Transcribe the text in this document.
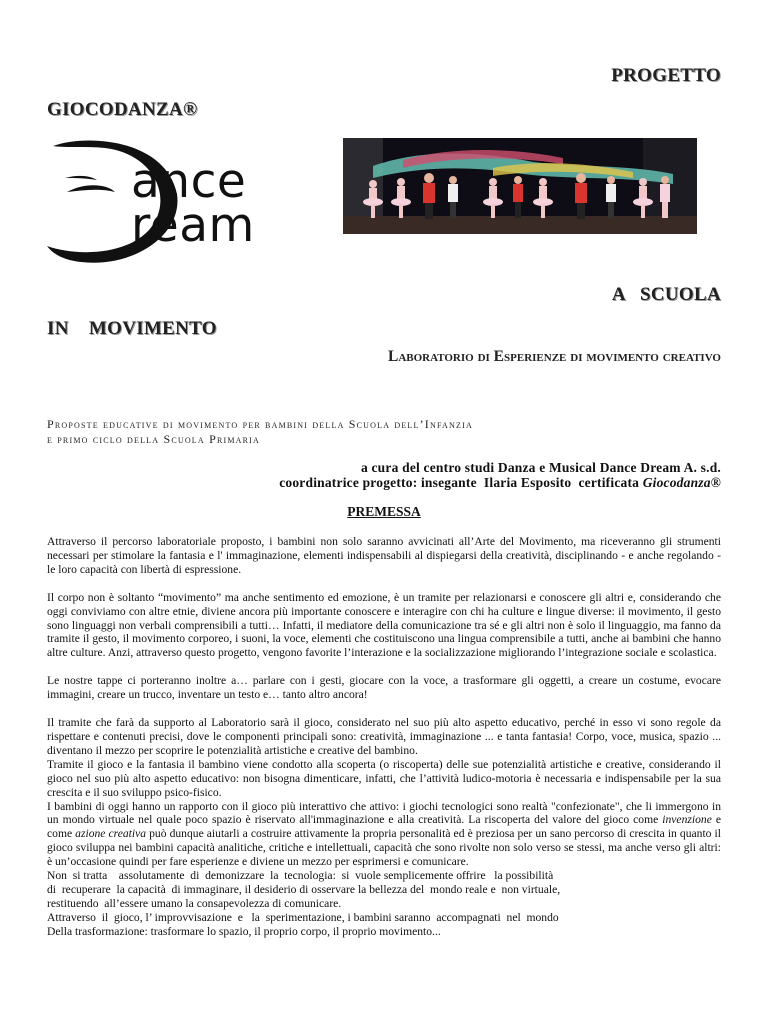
PROGETTO
GIOCODANZA®
ance
ream
A   SCUOLA
IN    MOVIMENTO
Laboratorio di Esperienze di movimento creativo
Proposte educative di movimento per bambini della Scuola dell’Infanzia
e primo ciclo della Scuola Primaria
a cura del centro studi Danza e Musical Dance Dream A. s.d.
coordinatrice progetto: insegante  Ilaria Esposito  certificata Giocodanza®
PREMESSA

Attraverso il percorso laboratoriale proposto, i bambini non solo saranno avvicinati all’Arte del Movimento, ma riceveranno gli strumenti necessari per stimolare la fantasia e l' immaginazione, elementi indispensabili al dispiegarsi della creatività, disciplinando - e anche regolando - le loro capacità con libertà di espressione.

Il corpo non è soltanto “movimento” ma anche sentimento ed emozione, è un tramite per relazionarsi e conoscere gli altri e, considerando che oggi conviviamo con altre etnie, diviene ancora più importante conoscere e interagire con chi ha culture e lingue diverse: il movimento, il gesto sono linguaggi non verbali comprensibili a tutti… Infatti, il mediatore della comunicazione tra sé e gli altri non è solo il linguaggio, ma fanno da tramite il gesto, il movimento corporeo, i suoni, la voce, elementi che costituiscono una lingua comprensibile a tutti, anche ai bambini che hanno altre culture. Anzi, attraverso questo progetto, vengono favorite l’interazione e la socializzazione migliorando l’integrazione sociale e scolastica.

Le nostre tappe ci porteranno inoltre a… parlare con i gesti, giocare con la voce, a trasformare gli oggetti, a creare un costume, evocare immagini, creare un trucco, inventare un testo e… tanto altro ancora!

Il tramite che farà da supporto al Laboratorio sarà il gioco, considerato nel suo più alto aspetto educativo, perché in esso vi sono regole da rispettare e contenuti precisi, dove le componenti principali sono: creatività, immaginazione ... e tanta fantasia! Corpo, voce, musica, spazio ... diventano il mezzo per scoprire le potenzialità artistiche e creative del bambino.

Tramite il gioco e la fantasia il bambino viene condotto alla scoperta (o riscoperta) delle sue potenzialità artistiche e creative, considerando il gioco nel suo più alto aspetto educativo: non bisogna dimenticare, infatti, che l’attività ludico-motoria è necessaria e indispensabile per la sua crescita e il suo sviluppo psico-fisico.

I bambini di oggi hanno un rapporto con il gioco più interattivo che attivo: i giochi tecnologici sono realtà "confezionate", che li immergono in un mondo virtuale nel quale poco spazio è riservato all'immaginazione e alla creatività. La riscoperta del valore del gioco come invenzione e come azione creativa può dunque aiutarli a costruire attivamente la propria personalità ed è preziosa per un sano percorso di crescita in quanto il gioco sviluppa nei bambini capacità analitiche, critiche e intellettuali, capacità che sono rivolte non solo verso se stessi, ma anche verso gli altri: è un’occasione quindi per fare esperienze e diviene un mezzo per esprimersi e comunicare.

Non  si tratta    assolutamente  di  demonizzare  la  tecnologia:  si  vuole semplicemente offrire   la possibilità

di  recuperare  la capacità  di immaginare, il desiderio di osservare la bellezza del  mondo reale e  non virtuale,

restituendo  all’essere umano la consapevolezza di comunicare.

Attraverso  il  gioco, l’ improvvisazione  e   la  sperimentazione, i bambini saranno  accompagnati  nel  mondo

Della trasformazione: trasformare lo spazio, il proprio corpo, il proprio movimento...
